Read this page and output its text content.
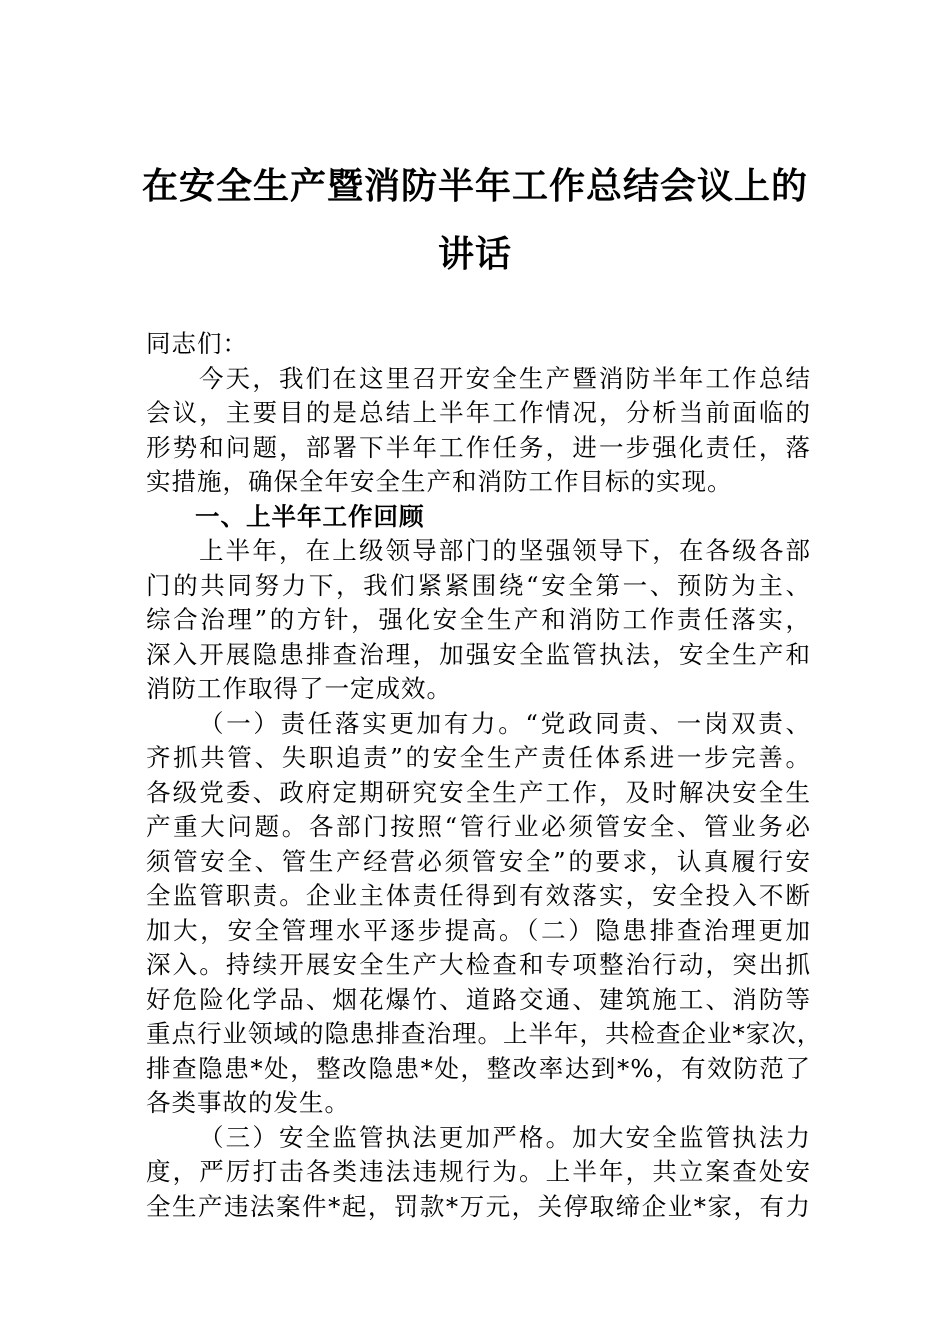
在安全生产暨消防半年工作总结会议上的
讲话
同志们：
今天，我们在这里召开安全生产暨消防半年工作总结
会议，主要目的是总结上半年工作情况，分析当前面临的
形势和问题，部署下半年工作任务，进一步强化责任，落
实措施，确保全年安全生产和消防工作目标的实现。
一、上半年工作回顾
上半年，在上级领导部门的坚强领导下，在各级各部
门的共同努力下，我们紧紧围绕“安全第一、预防为主、
综合治理”的方针，强化安全生产和消防工作责任落实，
深入开展隐患排查治理，加强安全监管执法，安全生产和
消防工作取得了一定成效。
（一）责任落实更加有力。“党政同责、一岗双责、
齐抓共管、失职追责”的安全生产责任体系进一步完善。
各级党委、政府定期研究安全生产工作，及时解决安全生
产重大问题。各部门按照“管行业必须管安全、管业务必
须管安全、管生产经营必须管安全”的要求，认真履行安
全监管职责。企业主体责任得到有效落实，安全投入不断
加大，安全管理水平逐步提高。（二）隐患排查治理更加
深入。持续开展安全生产大检查和专项整治行动，突出抓
好危险化学品、烟花爆竹、道路交通、建筑施工、消防等
重点行业领域的隐患排查治理。上半年，共检查企业*家次，
排查隐患*处，整改隐患*处，整改率达到*%，有效防范了
各类事故的发生。
（三）安全监管执法更加严格。加大安全监管执法力
度，严厉打击各类违法违规行为。上半年，共立案查处安
全生产违法案件*起，罚款*万元，关停取缔企业*家，有力
